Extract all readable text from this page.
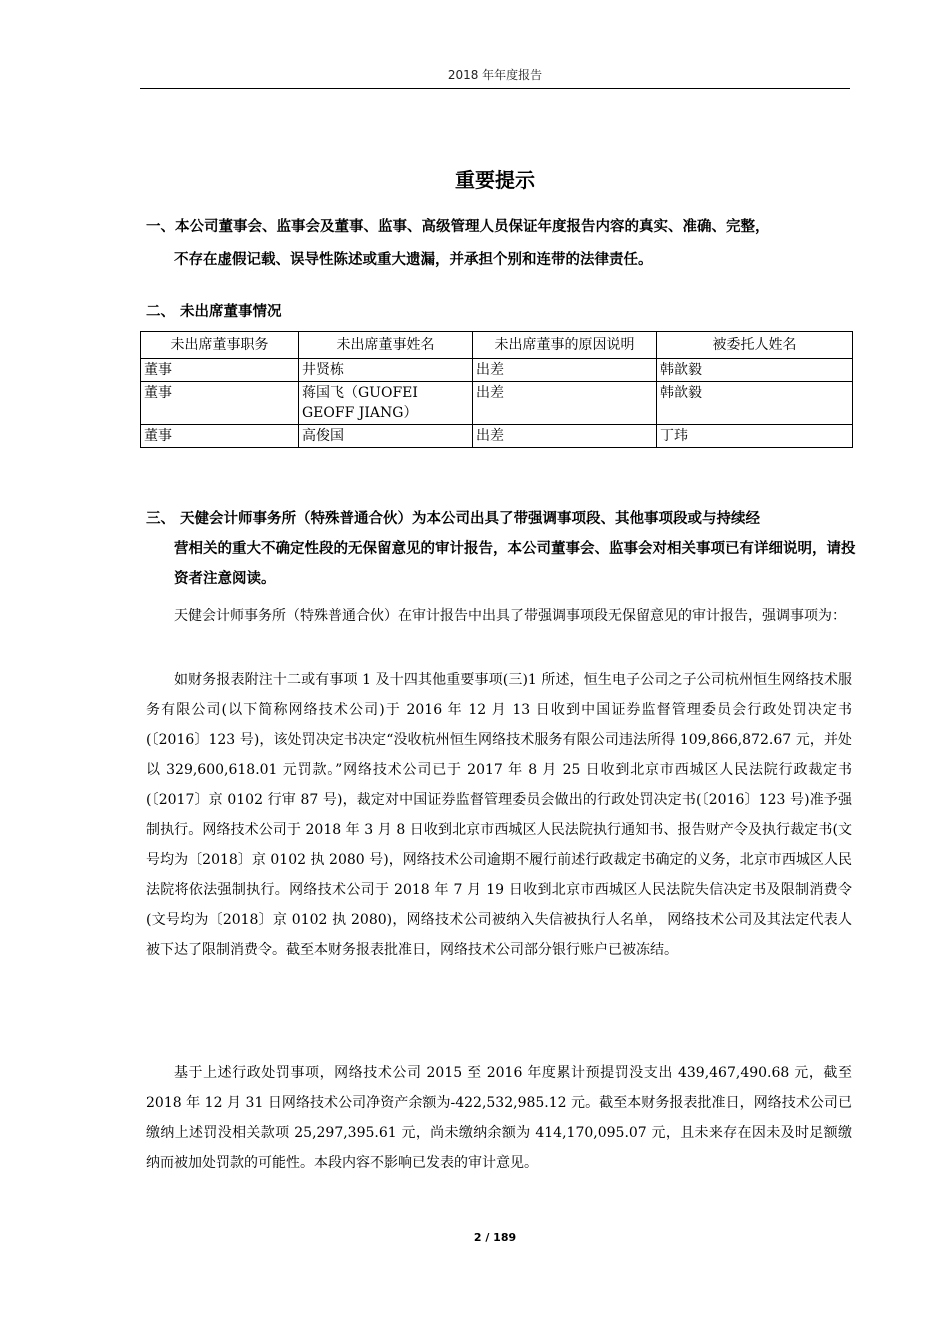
2018 年年度报告
重要提示
一、本公司董事会、监事会及董事、监事、高级管理人员保证年度报告内容的真实、准确、完整，
不存在虚假记载、误导性陈述或重大遗漏，并承担个别和连带的法律责任。
二、 未出席董事情况
未出席董事职务	未出席董事姓名	未出席董事的原因说明	被委托人姓名
董事	井贤栋	出差	韩歆毅
董事	蒋国飞（GUOFEI GEOFF JIANG）	出差	韩歆毅
董事	高俊国	出差	丁玮
三、 天健会计师事务所（特殊普通合伙）为本公司出具了带强调事项段、其他事项段或与持续经
营相关的重大不确定性段的无保留意见的审计报告，本公司董事会、监事会对相关事项已有详细说明，请投资者注意阅读。

天健会计师事务所（特殊普通合伙）在审计报告中出具了带强调事项段无保留意见的审计报告，强调事项为：

如财务报表附注十二或有事项 1 及十四其他重要事项(三)1 所述，恒生电子公司之子公司杭州恒生网络技术服务有限公司(以下简称网络技术公司)于 2016 年 12 月 13 日收到中国证券监督管理委员会行政处罚决定书(〔2016〕123 号)，该处罚决定书决定“没收杭州恒生网络技术服务有限公司违法所得 109,866,872.67 元，并处以 329,600,618.01 元罚款。”网络技术公司已于 2017 年 8 月 25 日收到北京市西城区人民法院行政裁定书(〔2017〕京 0102 行审 87 号)，裁定对中国证券监督管理委员会做出的行政处罚决定书(〔2016〕123 号)准予强制执行。网络技术公司于 2018 年 3 月 8 日收到北京市西城区人民法院执行通知书、报告财产令及执行裁定书(文号均为〔2018〕京 0102 执 2080 号)，网络技术公司逾期不履行前述行政裁定书确定的义务，北京市西城区人民法院将依法强制执行。网络技术公司于 2018 年 7 月 19 日收到北京市西城区人民法院失信决定书及限制消费令(文号均为〔2018〕京 0102 执 2080)，网络技术公司被纳入失信被执行人名单， 网络技术公司及其法定代表人被下达了限制消费令。截至本财务报表批准日，网络技术公司部分银行账户已被冻结。

基于上述行政处罚事项，网络技术公司 2015 至 2016 年度累计预提罚没支出 439,467,490.68 元，截至 2018 年 12 月 31 日网络技术公司净资产余额为-422,532,985.12 元。截至本财务报表批准日，网络技术公司已缴纳上述罚没相关款项 25,297,395.61 元，尚未缴纳余额为 414,170,095.07 元，且未来存在因未及时足额缴纳而被加处罚款的可能性。本段内容不影响已发表的审计意见。

2 / 189
